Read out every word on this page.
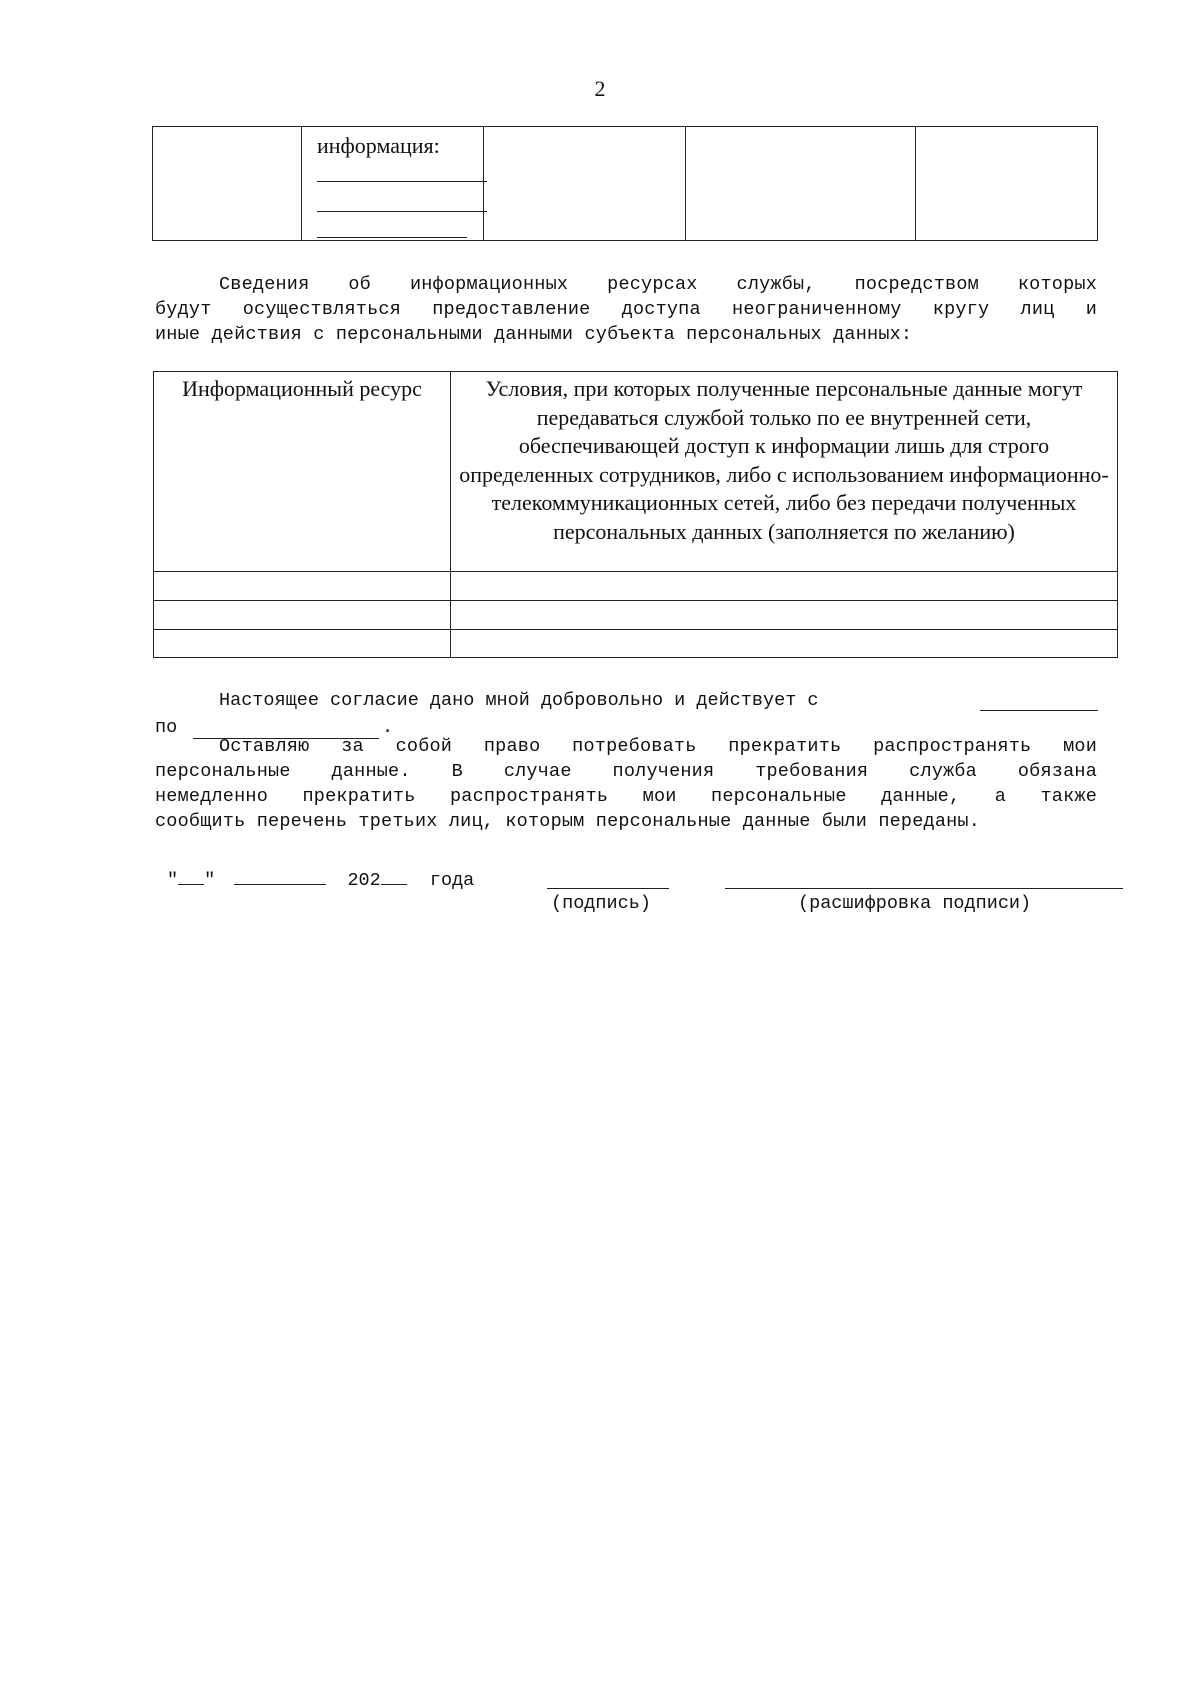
2
информация:
Сведения об информационных ресурсах службы, посредством которых
будут осуществляться предоставление доступа неограниченному кругу лиц и
иные действия с персональными данными субъекта персональных данных:
Информационный ресурс	Условия, при которых полученные персональные данные могут передаваться службой только по ее внутренней сети, обеспечивающей доступ к информации лишь для строго определенных сотрудников, либо с использованием информационно-телекоммуникационных сетей, либо без передачи полученных персональных данных (заполняется по желанию)
Настоящее согласие дано мной добровольно и действует с
по	.
Оставляю за собой право потребовать прекратить распространять мои
персональные данные. В случае получения требования служба обязана
немедленно прекратить распространять мои персональные данные, а также
сообщить перечень третьих лиц, которым персональные данные были переданы.
" "	202	года
(подпись)	(расшифровка подписи)
